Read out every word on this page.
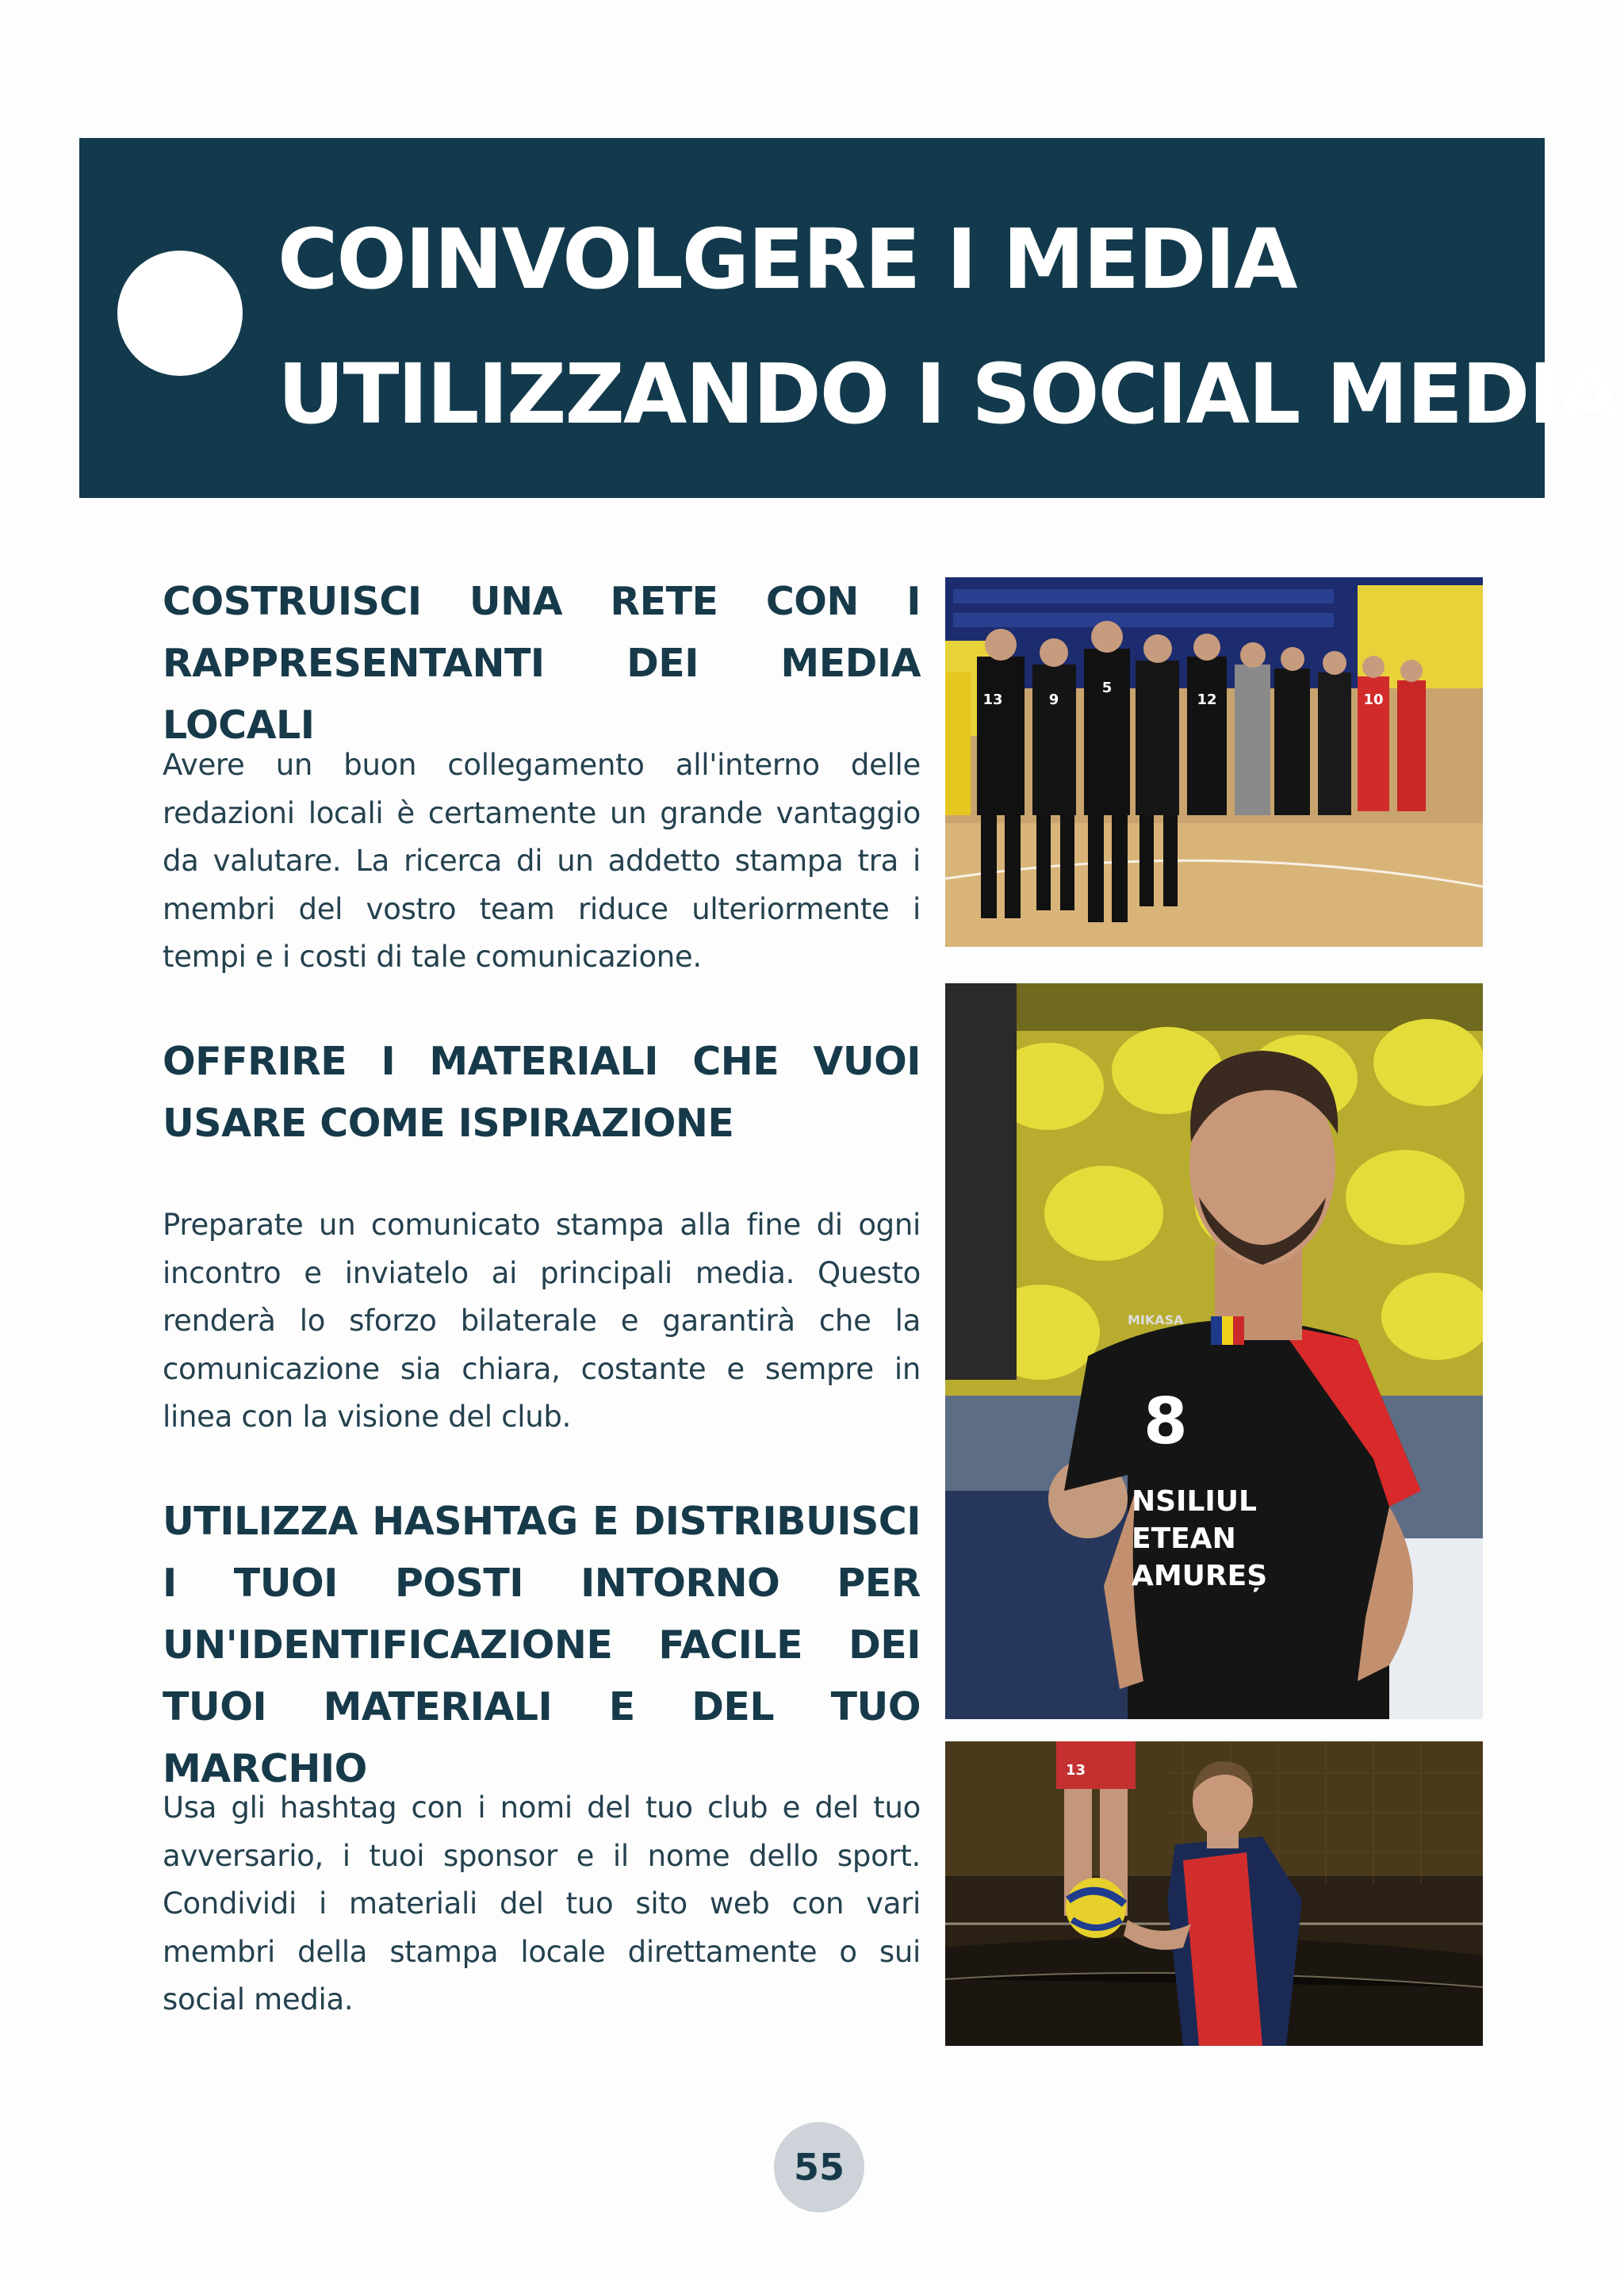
COINVOLGERE I MEDIA
UTILIZZANDO I SOCIAL MEDIA
COSTRUISCI UNA RETE CON I RAPPRESENTANTI DEI MEDIA LOCALI

Avere un buon collegamento all'interno delle redazioni locali è certamente un grande vantaggio da valutare. La ricerca di un addetto stampa tra i membri del vostro team riduce ulteriormente i tempi e i costi di tale comunicazione.

OFFRIRE I MATERIALI CHE VUOI USARE COME ISPIRAZIONE

Preparate un comunicato stampa alla fine di ogni incontro e inviatelo ai principali media. Questo renderà lo sforzo bilaterale e garantirà che la comunicazione sia chiara, costante e sempre in linea con la visione del club.

UTILIZZA HASHTAG E DISTRIBUISCI I TUOI POSTI INTORNO PER UN'IDENTIFICAZIONE FACILE DEI TUOI MATERIALI E DEL TUO MARCHIO

Usa gli hashtag con i nomi del tuo club e del tuo avversario, i tuoi sponsor e il nome dello sport. Condividi i materiali del tuo sito web con vari membri della stampa locale direttamente o sui social media.

13	9
5
12	10
MIKASA
8
NSILIUL
ETEAN
AMUREȘ
13
55
